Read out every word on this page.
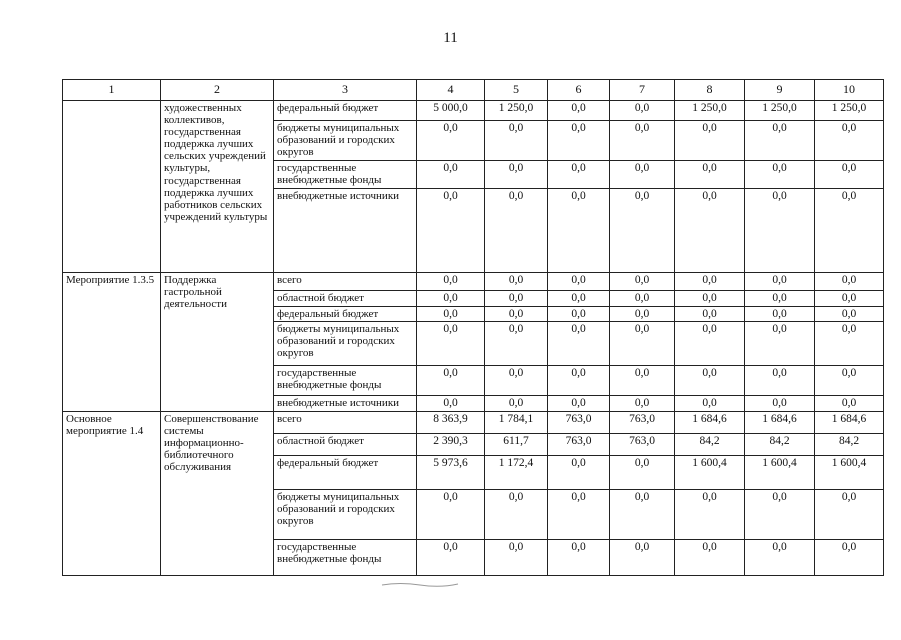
11
1	2	3	4	5	6	7	8	9	10
	художественных коллективов, государственная поддержка лучших сельских учреждений культуры, государственная поддержка лучших работников сельских учреждений культуры	федеральный бюджет	5 000,0	1 250,0	0,0	0,0	1 250,0	1 250,0	1 250,0
		бюджеты муниципальных образований и городских округов	0,0	0,0	0,0	0,0	0,0	0,0	0,0
		государственные внебюджетные фонды	0,0	0,0	0,0	0,0	0,0	0,0	0,0
		внебюджетные источники	0,0	0,0	0,0	0,0	0,0	0,0	0,0
Мероприятие 1.3.5	Поддержка гастрольной деятельности	всего	0,0	0,0	0,0	0,0	0,0	0,0	0,0
		областной бюджет	0,0	0,0	0,0	0,0	0,0	0,0	0,0
		федеральный бюджет	0,0	0,0	0,0	0,0	0,0	0,0	0,0
		бюджеты муниципальных образований и городских округов	0,0	0,0	0,0	0,0	0,0	0,0	0,0
		государственные внебюджетные фонды	0,0	0,0	0,0	0,0	0,0	0,0	0,0
		внебюджетные источники	0,0	0,0	0,0	0,0	0,0	0,0	0,0
Основное мероприятие 1.4	Совершенствование системы информационно-библиотечного обслуживания	всего	8 363,9	1 784,1	763,0	763,0	1 684,6	1 684,6	1 684,6
		областной бюджет	2 390,3	611,7	763,0	763,0	84,2	84,2	84,2
		федеральный бюджет	5 973,6	1 172,4	0,0	0,0	1 600,4	1 600,4	1 600,4
		бюджеты муниципальных образований и городских округов	0,0	0,0	0,0	0,0	0,0	0,0	0,0
		государственные внебюджетные фонды	0,0	0,0	0,0	0,0	0,0	0,0	0,0
